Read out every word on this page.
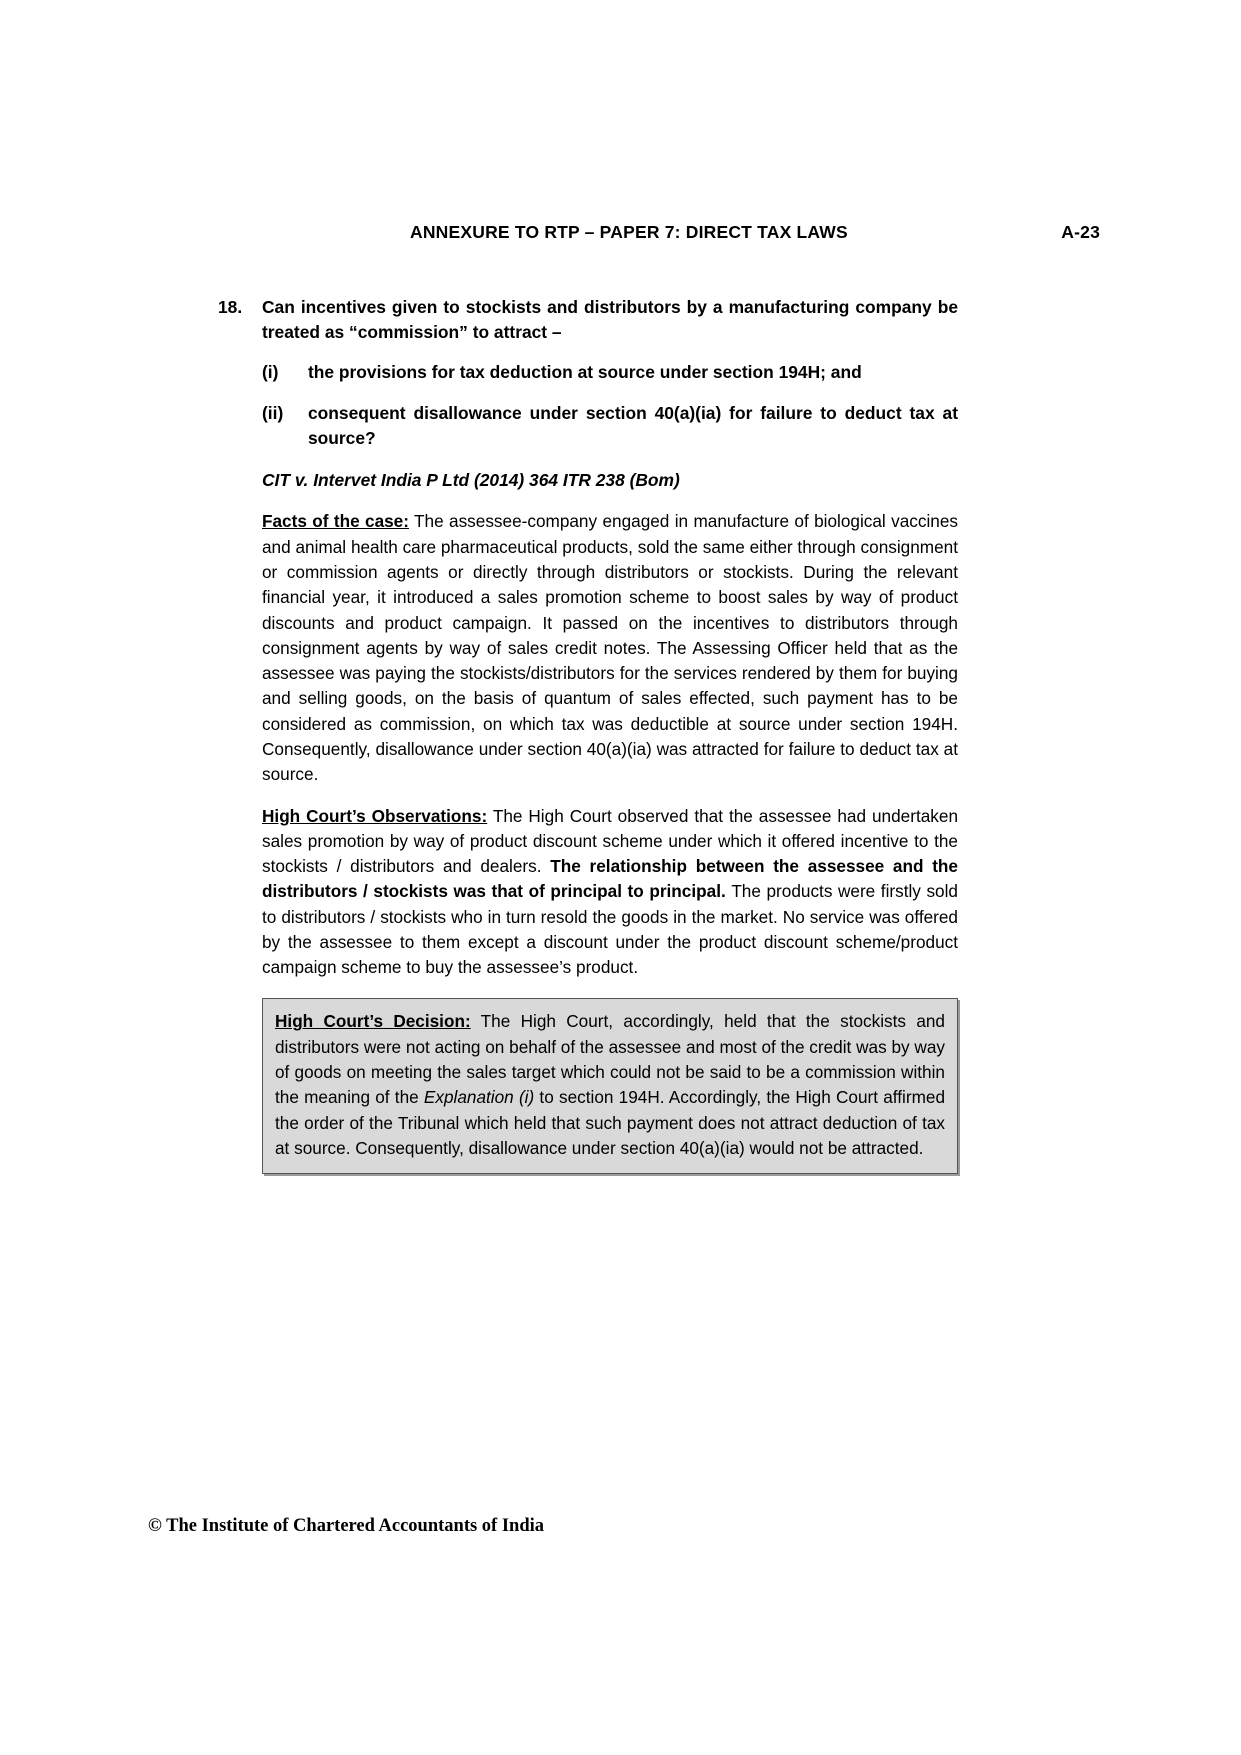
ANNEXURE TO RTP – PAPER 7: DIRECT TAX LAWS	A-23
18.	Can incentives given to stockists and distributors by a manufacturing company be treated as “commission” to attract –
(i)	the provisions for tax deduction at source under section 194H; and
(ii)	consequent disallowance under section 40(a)(ia) for failure to deduct tax at source?
CIT v. Intervet India P Ltd (2014) 364 ITR 238 (Bom)
Facts of the case: The assessee-company engaged in manufacture of biological vaccines and animal health care pharmaceutical products, sold the same either through consignment or commission agents or directly through distributors or stockists. During the relevant financial year, it introduced a sales promotion scheme to boost sales by way of product discounts and product campaign. It passed on the incentives to distributors through consignment agents by way of sales credit notes. The Assessing Officer held that as the assessee was paying the stockists/distributors for the services rendered by them for buying and selling goods, on the basis of quantum of sales effected, such payment has to be considered as commission, on which tax was deductible at source under section 194H. Consequently, disallowance under section 40(a)(ia) was attracted for failure to deduct tax at source.
High Court’s Observations: The High Court observed that the assessee had undertaken sales promotion by way of product discount scheme under which it offered incentive to the stockists / distributors and dealers. The relationship between the assessee and the distributors / stockists was that of principal to principal. The products were firstly sold to distributors / stockists who in turn resold the goods in the market. No service was offered by the assessee to them except a discount under the product discount scheme/product campaign scheme to buy the assessee’s product.

High Court’s Decision: The High Court, accordingly, held that the stockists and distributors were not acting on behalf of the assessee and most of the credit was by way of goods on meeting the sales target which could not be said to be a commission within the meaning of the Explanation (i) to section 194H. Accordingly, the High Court affirmed the order of the Tribunal which held that such payment does not attract deduction of tax at source. Consequently, disallowance under section 40(a)(ia) would not be attracted.

© The Institute of Chartered Accountants of India
